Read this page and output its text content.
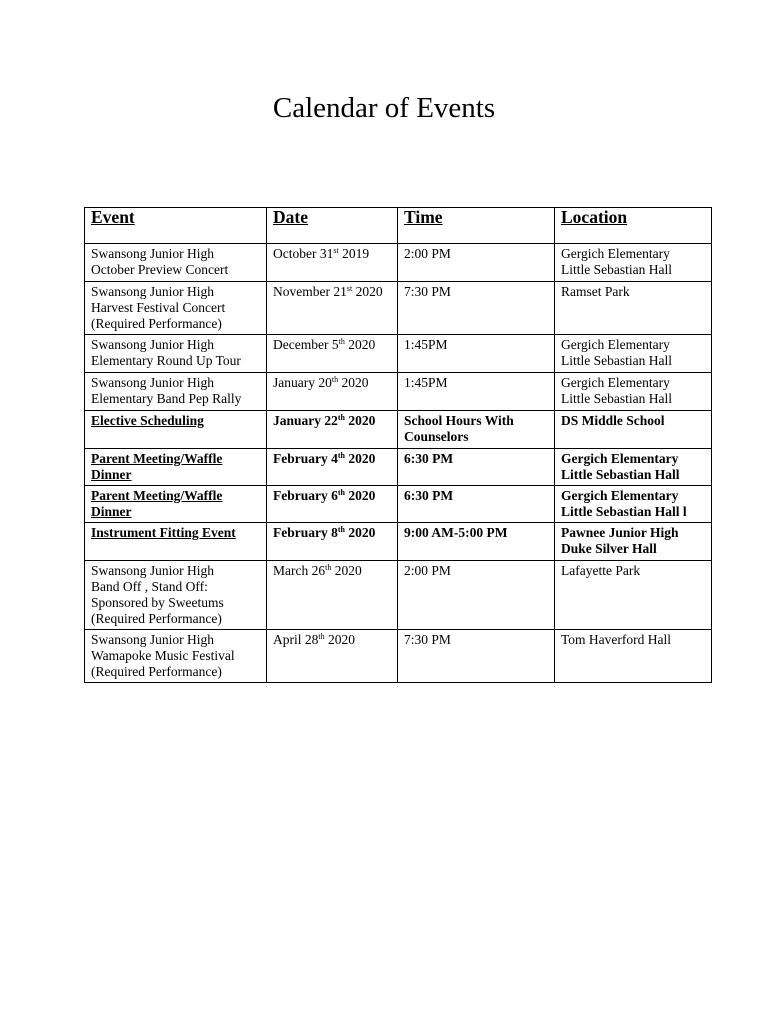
Calendar of Events
Event	Date	Time	Location

Swansong Junior High
October Preview Concert	October 31st 2019	2:00 PM	Gergich Elementary
Little Sebastian Hall

Swansong Junior High
Harvest Festival Concert
(Required Performance)	November 21st 2020	7:30 PM	Ramset Park

Swansong Junior High
Elementary Round Up Tour	December 5th 2020	1:45PM	Gergich Elementary
Little Sebastian Hall

Swansong Junior High
Elementary Band Pep Rally	January 20th 2020	1:45PM	Gergich Elementary
Little Sebastian Hall

Elective Scheduling	January 22th 2020	School Hours With
Counselors	DS Middle School

Parent Meeting/Waffle
Dinner	February 4th 2020	6:30 PM	Gergich Elementary
Little Sebastian Hall

Parent Meeting/Waffle
Dinner	February 6th 2020	6:30 PM	Gergich Elementary
Little Sebastian Hall l

Instrument Fitting Event	February 8th 2020	9:00 AM-5:00 PM	Pawnee Junior High
Duke Silver Hall

Swansong Junior High
Band Off , Stand Off:
Sponsored by Sweetums
(Required Performance)	March 26th 2020	2:00 PM	Lafayette Park

Swansong Junior High
Wamapoke Music Festival
(Required Performance)	April 28th 2020	7:30 PM	Tom Haverford Hall
